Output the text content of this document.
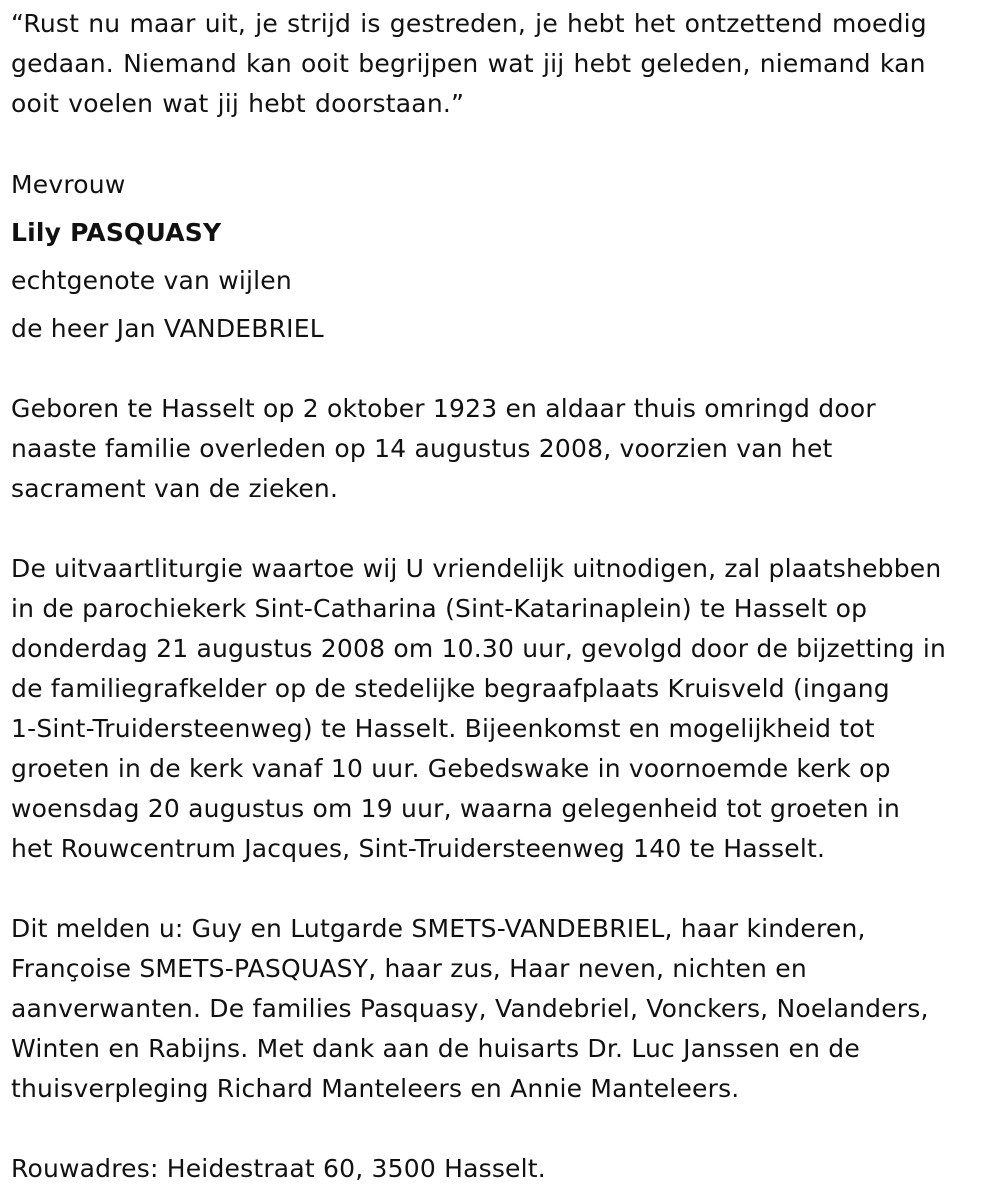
“Rust nu maar uit, je strijd is gestreden, je hebt het ontzettend moedig
gedaan. Niemand kan ooit begrijpen wat jij hebt geleden, niemand kan
ooit voelen wat jij hebt doorstaan.”

Mevrouw
Lily PASQUASY
echtgenote van wijlen
de heer Jan VANDEBRIEL

Geboren te Hasselt op 2 oktober 1923 en aldaar thuis omringd door
naaste familie overleden op 14 augustus 2008, voorzien van het
sacrament van de zieken.

De uitvaartliturgie waartoe wij U vriendelijk uitnodigen, zal plaatshebben
in de parochiekerk Sint-Catharina (Sint-Katarinaplein) te Hasselt op
donderdag 21 augustus 2008 om 10.30 uur, gevolgd door de bijzetting in
de familiegrafkelder op de stedelijke begraafplaats Kruisveld (ingang
1-Sint-Truidersteenweg) te Hasselt. Bijeenkomst en mogelijkheid tot
groeten in de kerk vanaf 10 uur. Gebedswake in voornoemde kerk op
woensdag 20 augustus om 19 uur, waarna gelegenheid tot groeten in
het Rouwcentrum Jacques, Sint-Truidersteenweg 140 te Hasselt.

Dit melden u: Guy en Lutgarde SMETS-VANDEBRIEL, haar kinderen,
Françoise SMETS-PASQUASY, haar zus, Haar neven, nichten en
aanverwanten. De families Pasquasy, Vandebriel, Vonckers, Noelanders,
Winten en Rabijns. Met dank aan de huisarts Dr. Luc Janssen en de
thuisverpleging Richard Manteleers en Annie Manteleers.

Rouwadres: Heidestraat 60, 3500 Hasselt.
